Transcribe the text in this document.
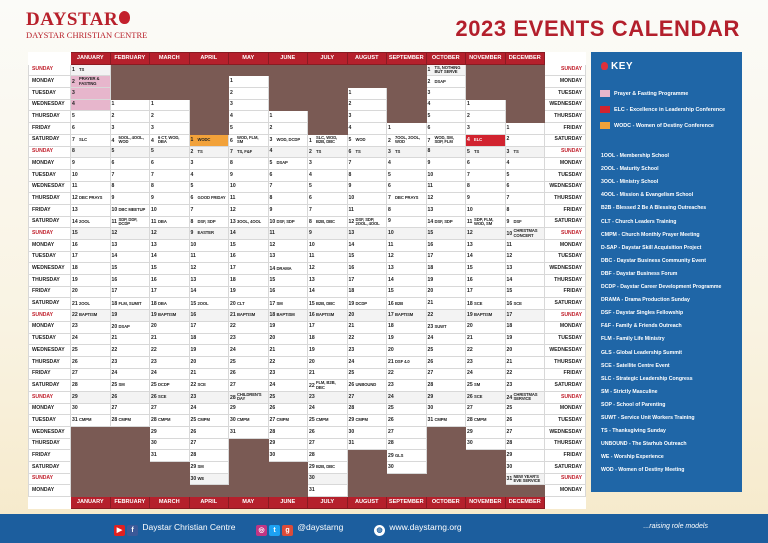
DAYSTAR
DAYSTAR CHRISTIAN CENTRE	2023 EVENTS CALENDAR
	JANUARY	FEBRUARY	MARCH	APRIL	MAY	JUNE	JULY	AUGUST	SEPTEMBER	OCTOBER	NOVEMBER	DECEMBER	
SUNDAY	1 TS									1TS, NOTHING BUT SERVE			SUNDAY
MONDAY	2PRAYER & FASTING				1					2 DSAP			MONDAY
TUESDAY	3				2			1		3			TUESDAY
WEDNESDAY	4	1	1		3			2		4	1		WEDNESDAY
THURSDAY	5	2	2		4	1		3		5	2		THURSDAY
FRIDAY	6	3	3		5	2		4	1	6	3	1	FRIDAY
SATURDAY	7 SLC	45OOL, 4OOL, WOD	46 CT, WOD, DBA	1 WODC	6WOD, FLM, SM	3 WOD, DCDP	1SLC, WOD, B2B, DBC	5 WOD	27OOL, 2OOL, WOD	7WOD, SM, SDP, FLM	4 ELC	2	SATURDAY
SUNDAY	8	5	5	2 TS	7 TS, F&F	4	2 TS	6 TS	3 TS	8	5 TS	3 TS	SUNDAY
MONDAY	9	6	6	3	8	5 DSAP	3	7	4	9	6	4	MONDAY
TUESDAY	10	7	7	4	9	6	4	8	5	10	7	5	TUESDAY
WEDNESDAY	11	8	8	5	10	7	5	9	6	11	8	6	WEDNESDAY
THURSDAY	12DBC PRAYS	9	9	6 GOOD FRIDAY	11	8	6	10	7 DBC PRAYS	12	9	7	THURSDAY
FRIDAY	13	10DBC MEETUP	10	7	12	9	7	11	8	13	10	8	FRIDAY
SATURDAY	142OOL	11SDP, DDF, DCDP	11 DBA	8 DSF, SDP	133OOL, 4OOL	10DSF, SDP	8 B2B, DBC	12DSF, SDP, 2OOL, 4OOL	9	14DSF, SDP	11SDP, FLM, WOD, SM	9 DSF	SATURDAY
SUNDAY	15	12	12	9 EASTER	14	11	9	13	10	15	12	10CHRISTMAS CONCERT	SUNDAY
MONDAY	16	13	13	10	15	12	10	14	11	16	13	11	MONDAY
TUESDAY	17	14	14	11	16	13	11	15	12	17	14	12	TUESDAY
WEDNESDAY	18	15	15	12	17	14DRAMA	12	16	13	18	15	13	WEDNESDAY
THURSDAY	19	16	16	13	18	15	13	17	14	19	16	14	THURSDAY
FRIDAY	20	17	17	14	19	16	14	18	15	20	17	15	FRIDAY
SATURDAY	212OOL	18FLM, SUMIT	18DBA	152OOL	20CLT	17SM	15B2B, DBC	19DCDP	16B2B	21	18SCE	16SCE	SATURDAY
SUNDAY	22BAPTISM	19	19BAPTISM	16	21BAPTISM	18BAPTISM	16BAPTISM	20	17BAPTISM	22	19BAPTISM	17	SUNDAY
MONDAY	23	20DSAP	20	17	22	19	17	21	18	23SUWT	20	18	MONDAY
TUESDAY	24	21	21	18	23	20	18	22	19	24	21	19	TUESDAY
WEDNESDAY	25	22	22	19	24	21	19	23	20	25	22	20	WEDNESDAY
THURSDAY	26	23	23	20	25	22	20	24	21DSF 4.0	26	23	21	THURSDAY
FRIDAY	27	24	24	21	26	23	21	25	22	27	24	22	FRIDAY
SATURDAY	28	25SM	25DCDP	22SCE	27	24	22FLM, B2B, DBC	26UNBOUND	23	28	25SM	23	SATURDAY
SUNDAY	29	26	26SCE	23	28CHILDREN'S DAY	25	23	27	24	29	26SCE	24CHRISTMAS SERVICE	SUNDAY
MONDAY	30	27	27	24	29	26	24	28	25	30	27	25	MONDAY
TUESDAY	31CMPM	28CMPM	28CMPM	25CMPM	30CMPM	27CMPM	25CMPM	29CMPM	26	31CMPM	28CMPM	26	TUESDAY
WEDNESDAY			29	26	31	28	26	30	27		29	27	WEDNESDAY
THURSDAY			30	27		29	27	31	28		30	28	THURSDAY
FRIDAY			31	28		30	28		29GLS			29	FRIDAY
SATURDAY				29SM			29B2B, DBC		30			30	SATURDAY
SUNDAY				30WE			30					31NEW YEAR'S EVE SERVICE	SUNDAY
MONDAY							31						MONDAY
	JANUARY	FEBRUARY	MARCH	APRIL	MAY	JUNE	JULY	AUGUST	SEPTEMBER	OCTOBER	NOVEMBER	DECEMBER	
KEY
Prayer & Fasting Programme
ELC - Excellence in Leadership Conference
WODC - Women of Destiny Conference
1OOL - Membership School
2OOL - Maturity School
3OOL - Ministry School
4OOL - Mission & Evangelism School
B2B - Blessed 2 Be A Blessing Outreaches
CLT - Church Leaders Training
CMPM - Church Monthly Prayer Meeting
D-SAP - Daystar Skill Acquisition Project
DBC - Daystar Business Community Event
DBF - Daystar Business Forum
DCDP - Daystar Career Development Programme
DRAMA - Drama Production Sunday
DSF - Daystar Singles Fellowship
F&F - Family & Friends Outreach
FLM - Family Life Ministry
GLS - Global Leadership Summit
SCE - Satellite Centre Event
SLC - Strategic Leadership Congress
SM - Strictly Masculine
SOP - School of Parenting
SUWT - Service Unit Workers Training
TS - Thanksgiving Sunday
UNBOUND - The Starhub Outreach
WE - Worship Experience
WOD - Women of Destiny Meeting
▶ f Daystar Christian Centre	◎ t g @daystarng	◍ www.daystarng.org	...raising role models
